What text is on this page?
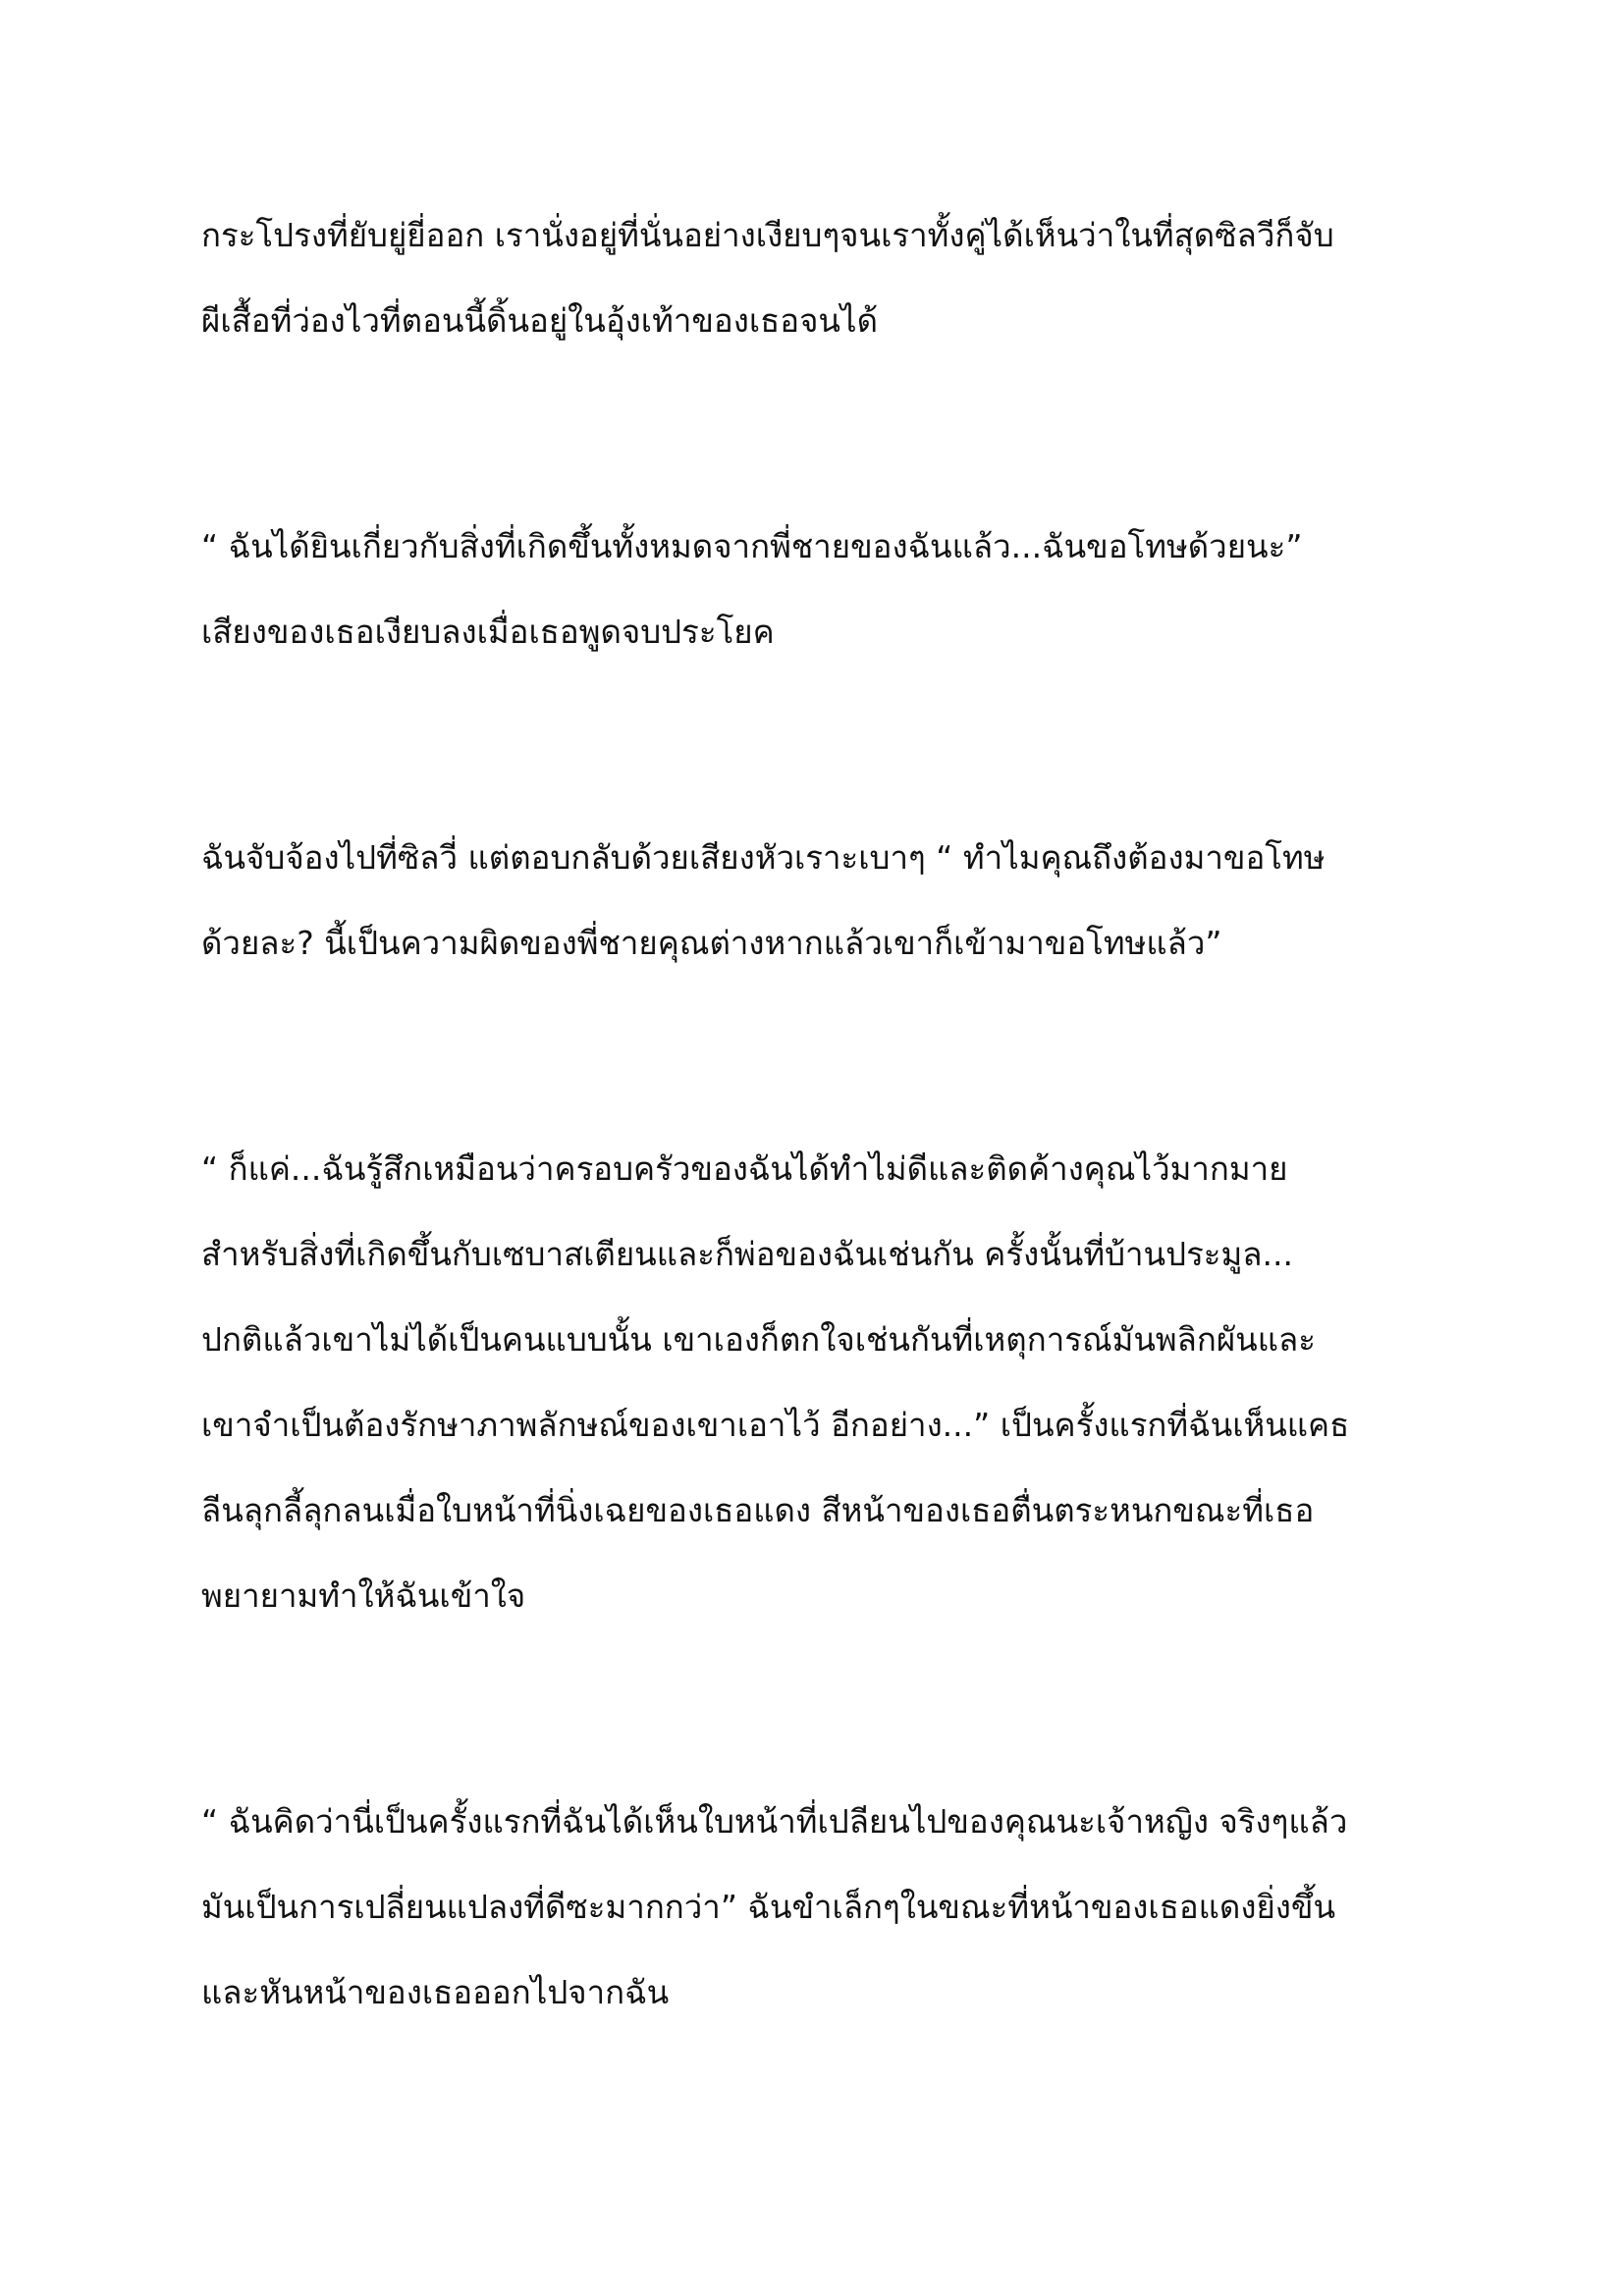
กระโปรงที่ยับยู่ยี่ออก เรานั่งอยู่ที่นั่นอย่างเงียบๆจนเราทั้งคู่ได้เห็นว่าในที่สุดซิลวีก็จับ

ผีเสื้อที่ว่องไวที่ตอนนี้ดิ้นอยู่ในอุ้งเท้าของเธอจนได้

“ ฉันได้ยินเกี่ยวกับสิ่งที่เกิดขึ้นทั้งหมดจากพี่ชายของฉันแล้ว...ฉันขอโทษด้วยนะ”

เสียงของเธอเงียบลงเมื่อเธอพูดจบประโยค

ฉันจับจ้องไปที่ซิลวี่ แต่ตอบกลับด้วยเสียงหัวเราะเบาๆ “ ทำไมคุณถึงต้องมาขอโทษ

ด้วยละ? นี้เป็นความผิดของพี่ชายคุณต่างหากแล้วเขาก็เข้ามาขอโทษแล้ว”

“ ก็แค่...ฉันรู้สึกเหมือนว่าครอบครัวของฉันได้ทำไม่ดีและติดค้างคุณไว้มากมาย

สำหรับสิ่งที่เกิดขึ้นกับเซบาสเตียนและก็พ่อของฉันเช่นกัน ครั้งนั้นที่บ้านประมูล...

ปกติแล้วเขาไม่ได้เป็นคนแบบนั้น เขาเองก็ตกใจเช่นกันที่เหตุการณ์มันพลิกผันและ

เขาจำเป็นต้องรักษาภาพลักษณ์ของเขาเอาไว้ อีกอย่าง...” เป็นครั้งแรกที่ฉันเห็นแคธ

ลีนลุกลี้ลุกลนเมื่อใบหน้าที่นิ่งเฉยของเธอแดง สีหน้าของเธอตื่นตระหนกขณะที่เธอ

พยายามทำให้ฉันเข้าใจ

“ ฉันคิดว่านี่เป็นครั้งแรกที่ฉันได้เห็นใบหน้าที่เปลียนไปของคุณนะเจ้าหญิง จริงๆแล้ว

มันเป็นการเปลี่ยนแปลงที่ดีซะมากกว่า” ฉันขำเล็กๆในขณะที่หน้าของเธอแดงยิ่งขึ้น

และหันหน้าของเธอออกไปจากฉัน
